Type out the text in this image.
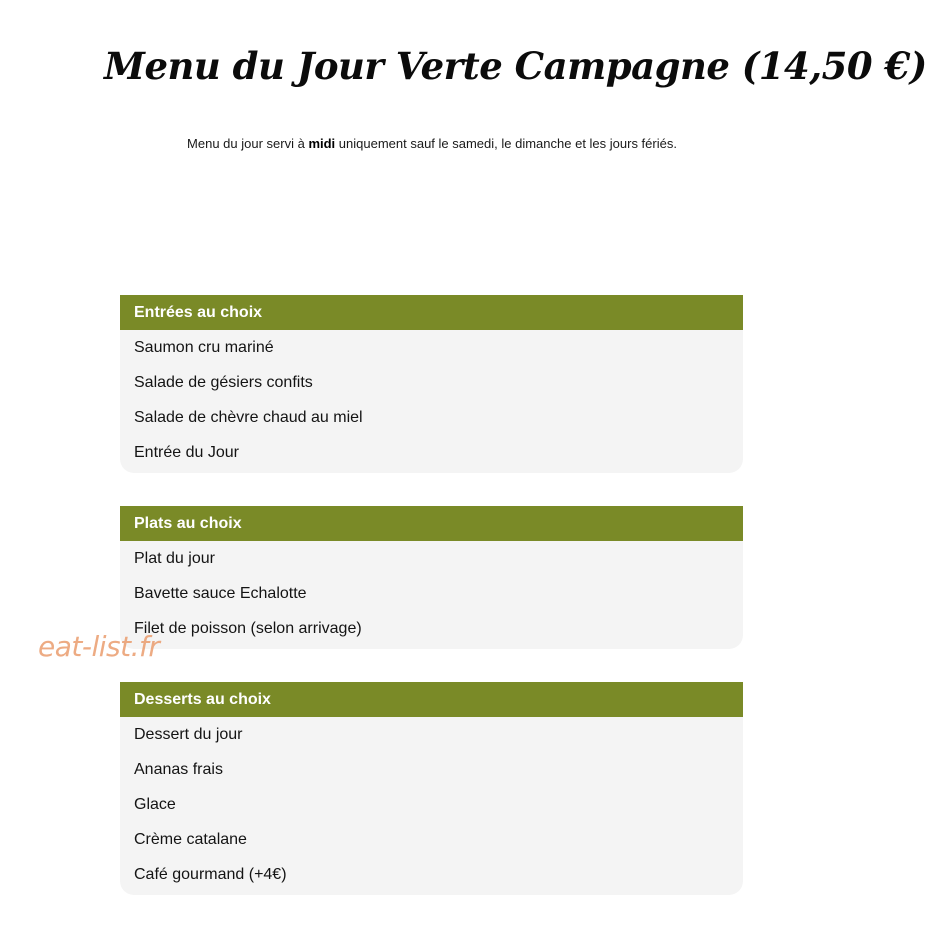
Menu du Jour Verte Campagne (14,50 €)

Menu du jour servi à midi uniquement sauf le samedi, le dimanche et les jours fériés.

Entrées au choix
Saumon cru mariné
Salade de gésiers confits
Salade de chèvre chaud au miel
Entrée du Jour
Plats au choix
Plat du jour
Bavette sauce Echalotte
Filet de poisson (selon arrivage)
Desserts au choix
Dessert du jour
Ananas frais
Glace
Crème catalane
Café gourmand (+4€)
eat-list.fr
